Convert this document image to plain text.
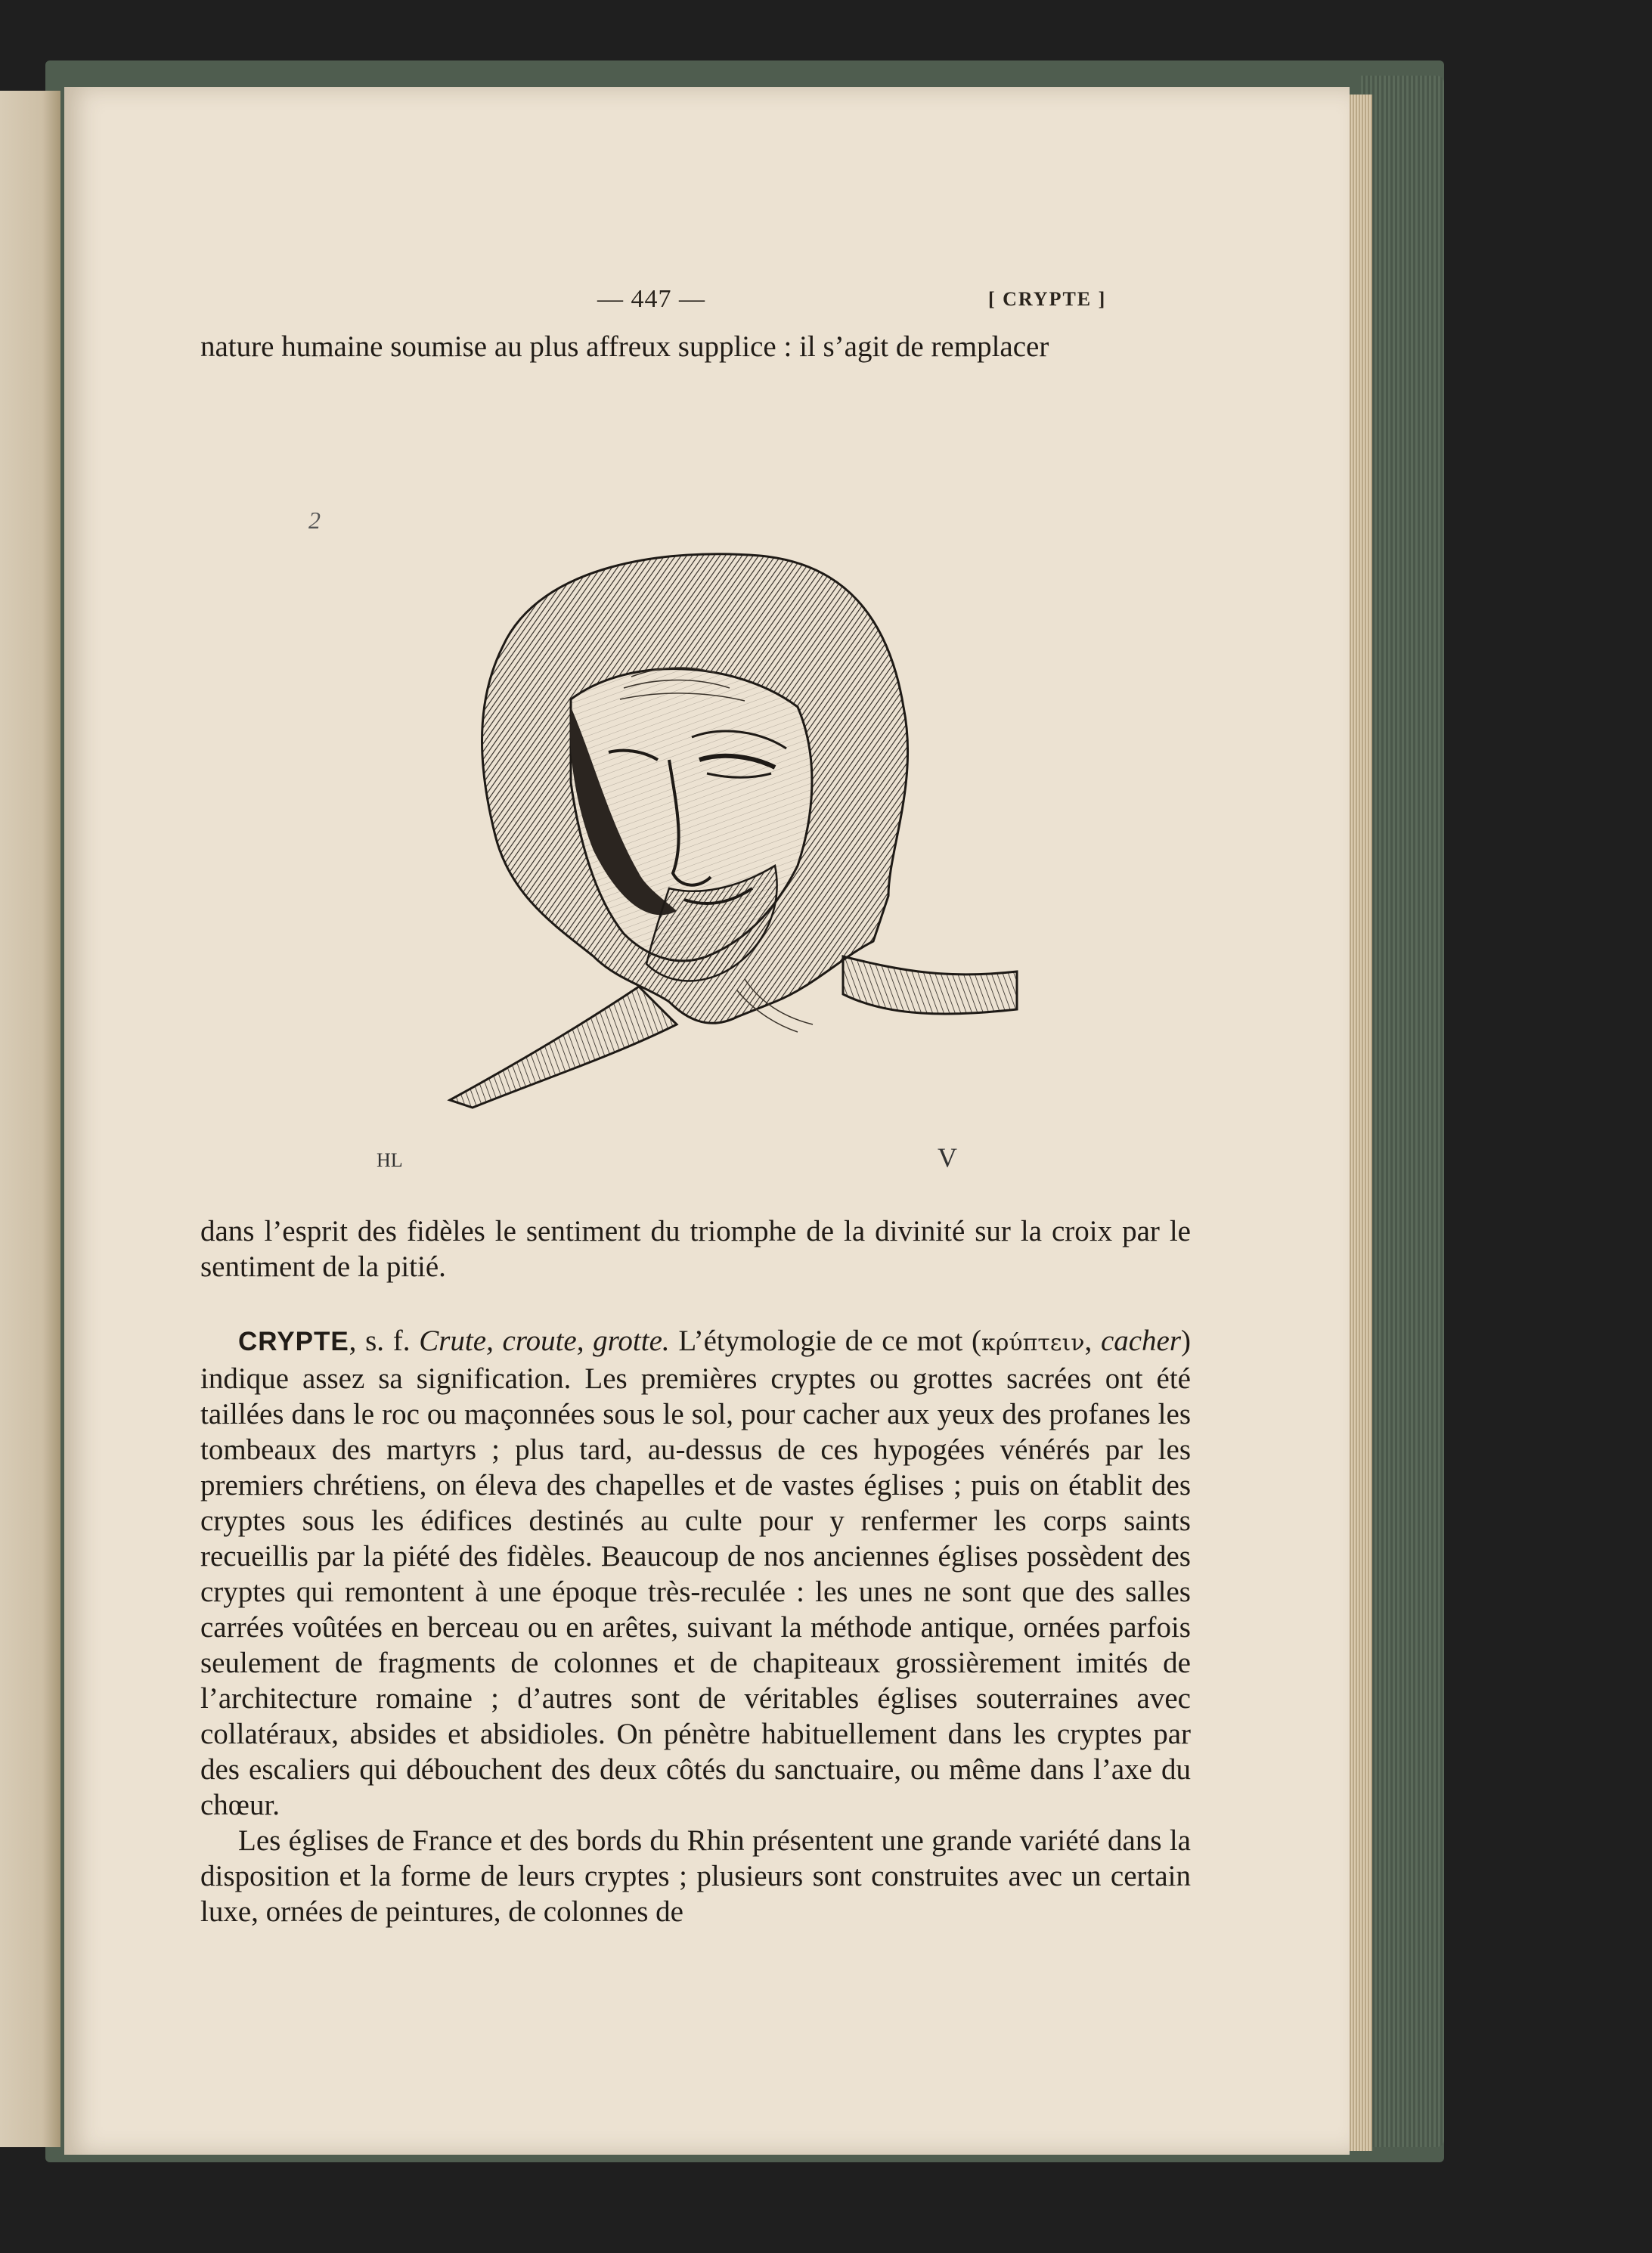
— 447 —	[ CRYPTE ]

nature humaine soumise au plus affreux supplice : il s’agit de remplacer

2
HL	V

dans l’esprit des fidèles le sentiment du triomphe de la divinité sur la croix par le sentiment de la pitié.

CRYPTE, s. f. Crute, croute, grotte. L’étymologie de ce mot (κρύπτειν, cacher) indique assez sa signification. Les premières cryptes ou grottes sacrées ont été taillées dans le roc ou maçonnées sous le sol, pour cacher aux yeux des profanes les tombeaux des martyrs ; plus tard, au-dessus de ces hypogées vénérés par les premiers chrétiens, on éleva des chapelles et de vastes églises ; puis on établit des cryptes sous les édifices destinés au culte pour y renfermer les corps saints recueillis par la piété des fidèles. Beaucoup de nos anciennes églises possèdent des cryptes qui remontent à une époque très-reculée : les unes ne sont que des salles carrées voûtées en berceau ou en arêtes, suivant la méthode antique, ornées parfois seulement de fragments de colonnes et de chapiteaux grossièrement imités de l’architecture romaine ; d’autres sont de véritables églises souterraines avec collatéraux, absides et absidioles. On pénètre habituellement dans les cryptes par des escaliers qui débouchent des deux côtés du sanctuaire, ou même dans l’axe du chœur.

Les églises de France et des bords du Rhin présentent une grande variété dans la disposition et la forme de leurs cryptes ; plusieurs sont construites avec un certain luxe, ornées de peintures, de colonnes de
